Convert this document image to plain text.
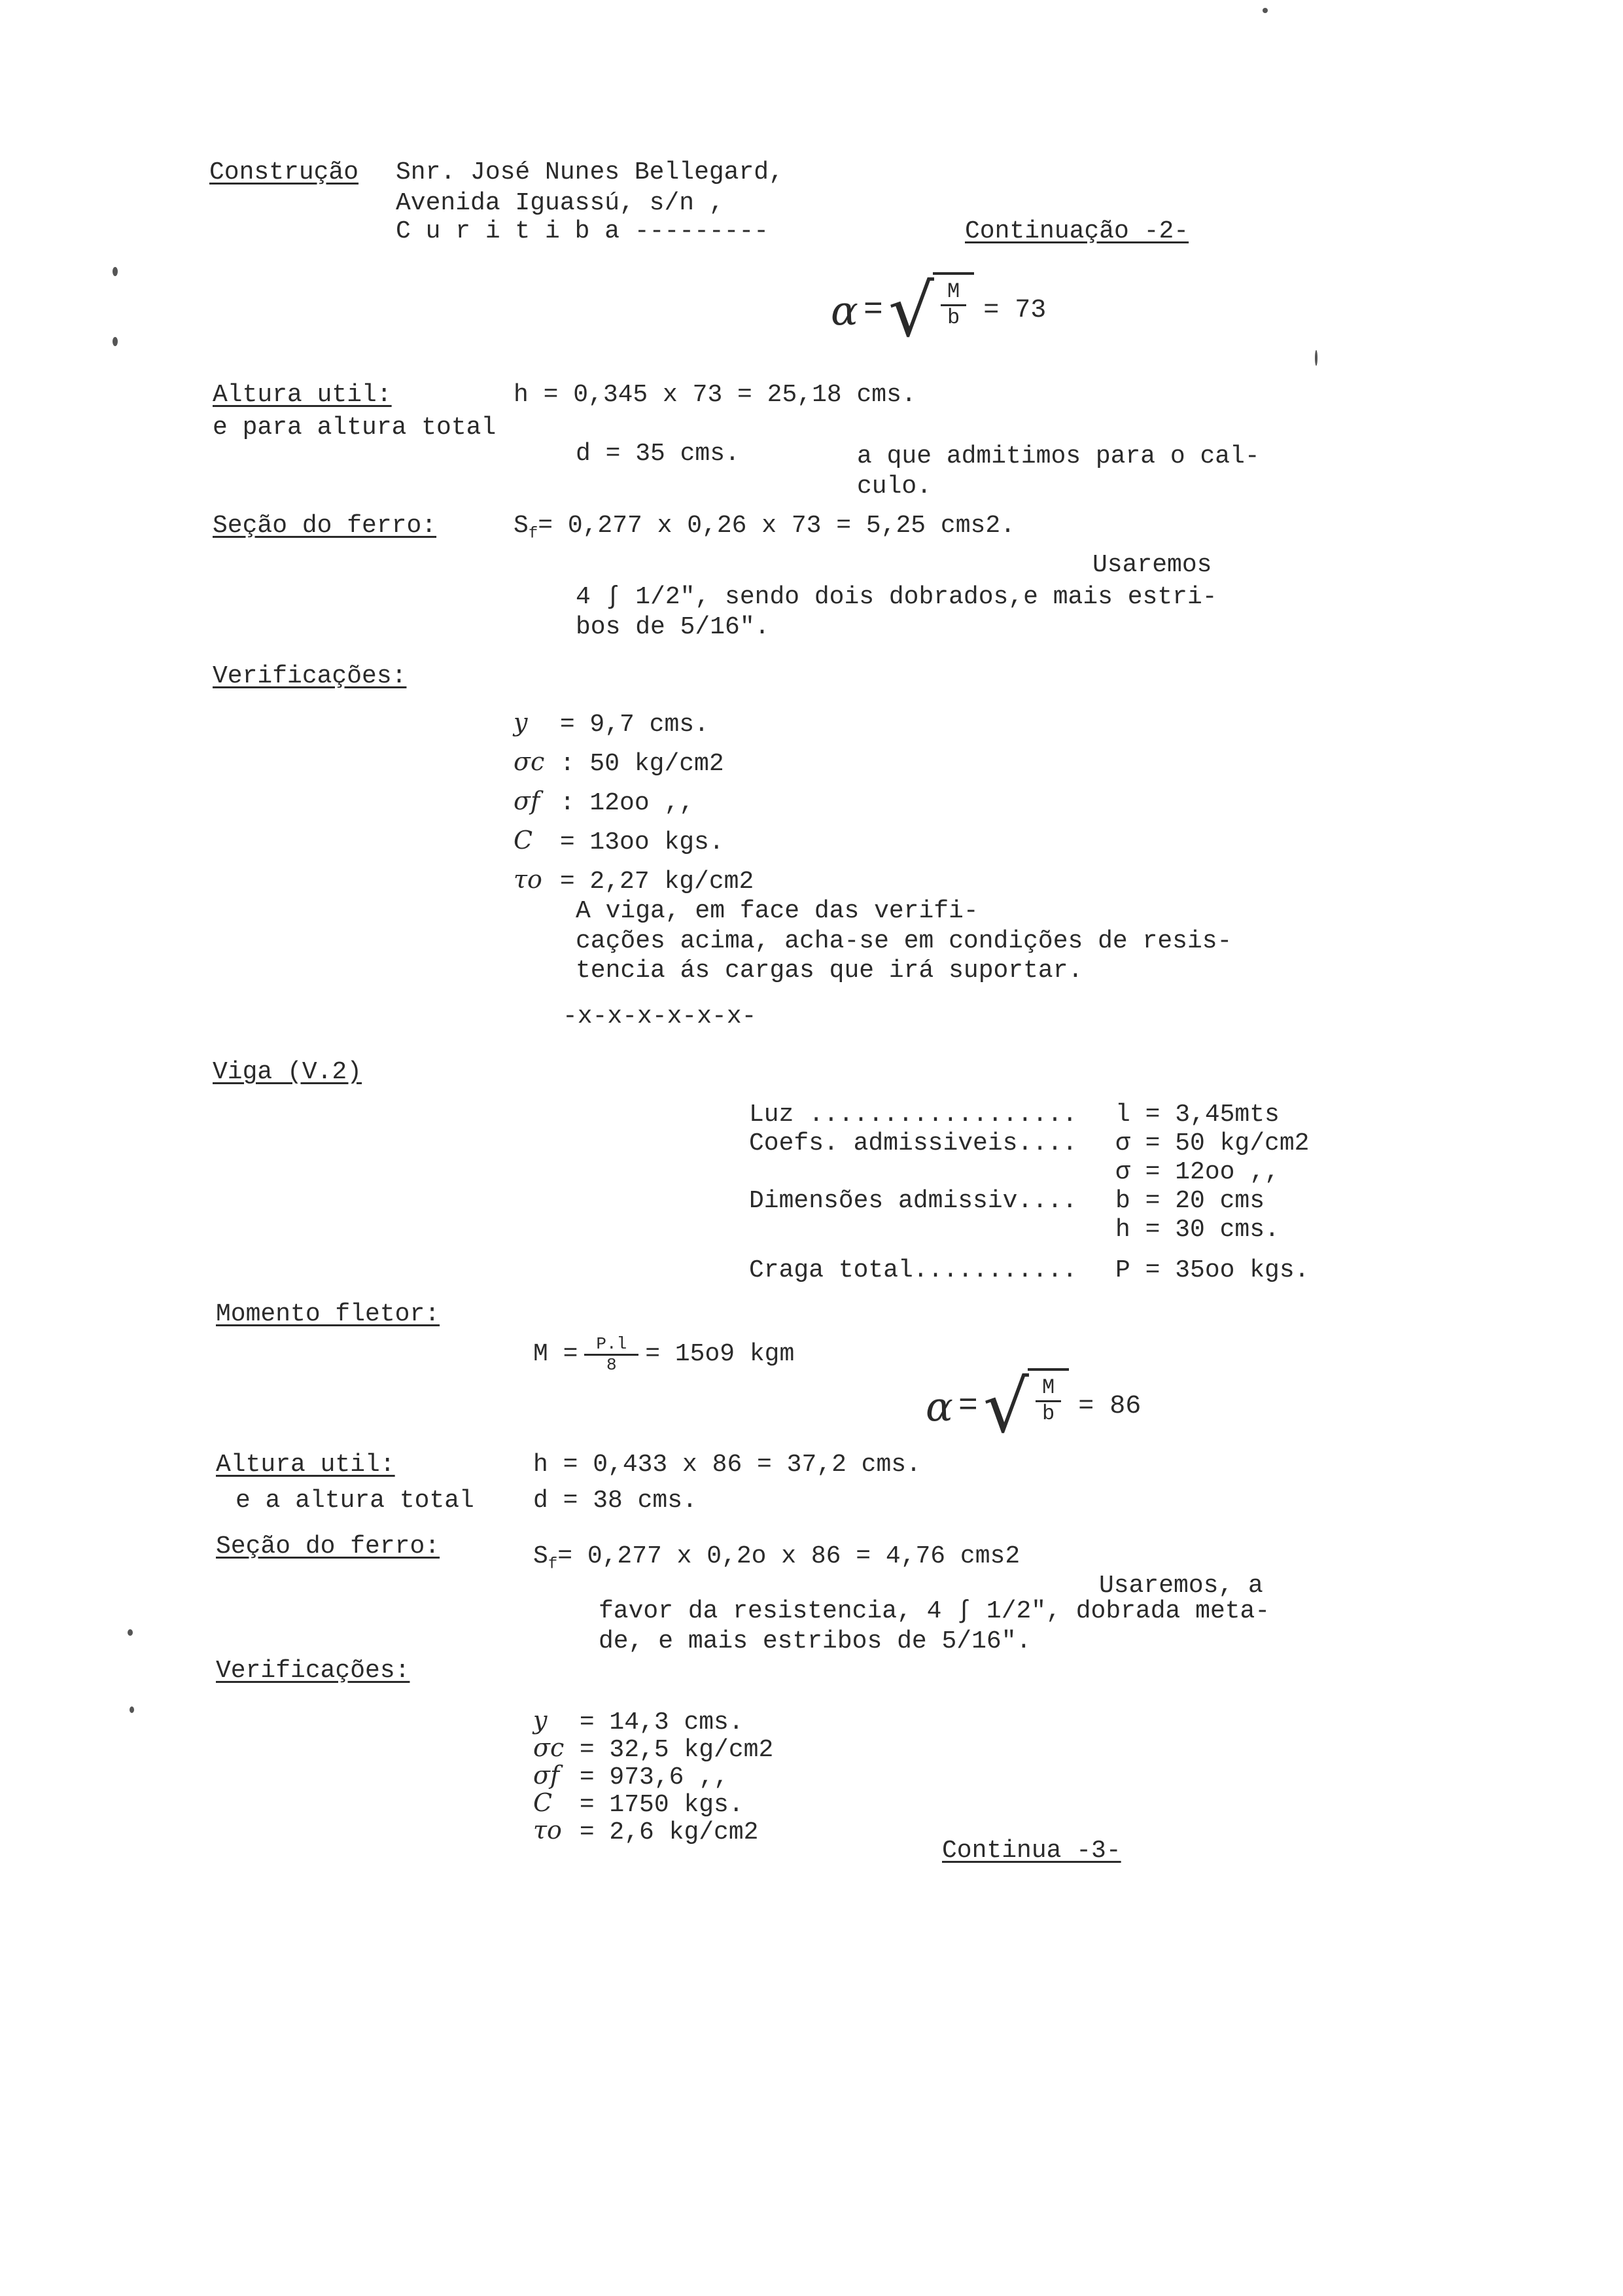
Construção Snr. José Nunes Bellegard,
Avenida Iguassú, s/n ,
C u r i t i b a ---------	Continuação -2-
α = √ $\frac{M}{b} = 73$
Altura util:	h = 0,345 x 73 = 25,18 cms.
e para altura total
d = 35 cms.	a que admitimos para o cal-
culo.
Seção do ferro:	$S_f= 0,277$ x 0,26 x 73 = 5,25 cms2.
Usaremos
4 ∫ 1/2", sendo dois dobrados,e mais estri-
bos de 5/16".
Verificações:
y = 9,7 cms.
σc : 50 kg/cm2
σf : 12oo ,,
C = 13oo kgs.
τo = 2,27 kg/cm2
A viga, em face das verifi-
cações acima, acha-se em condições de resis-
tencia ás cargas que irá suportar.
-x-x-x-x-x-x-
Viga (V.2)
Luz ..................	l = 3,45mts
Coefs. admissiveis....	σ = 50 kg/cm2
σ = 12oo ,,
Dimensões admissiv....	b = 20 cms
h = 30 cms.
Craga total...........	P = 35oo kgs.
Momento fletor:
$M = \frac{P.l}{8} = 15o9$ kgm
α = √ $\frac{M}{b} = 86$
Altura util:	h = 0,433 x 86 = 37,2 cms.
e a altura total d = 38 cms.
Seção do ferro:	$S_f= 0,277$ x 0,2o x 86 = 4,76 cms2
Usaremos, a
favor da resistencia, 4 ∫ 1/2", dobrada meta-
de, e mais estribos de 5/16".
Verificações:
y = 14,3 cms.
σc = 32,5 kg/cm2
σf = 973,6 ,,
C = 1750 kgs.
τo = 2,6 kg/cm2
Continua -3-
